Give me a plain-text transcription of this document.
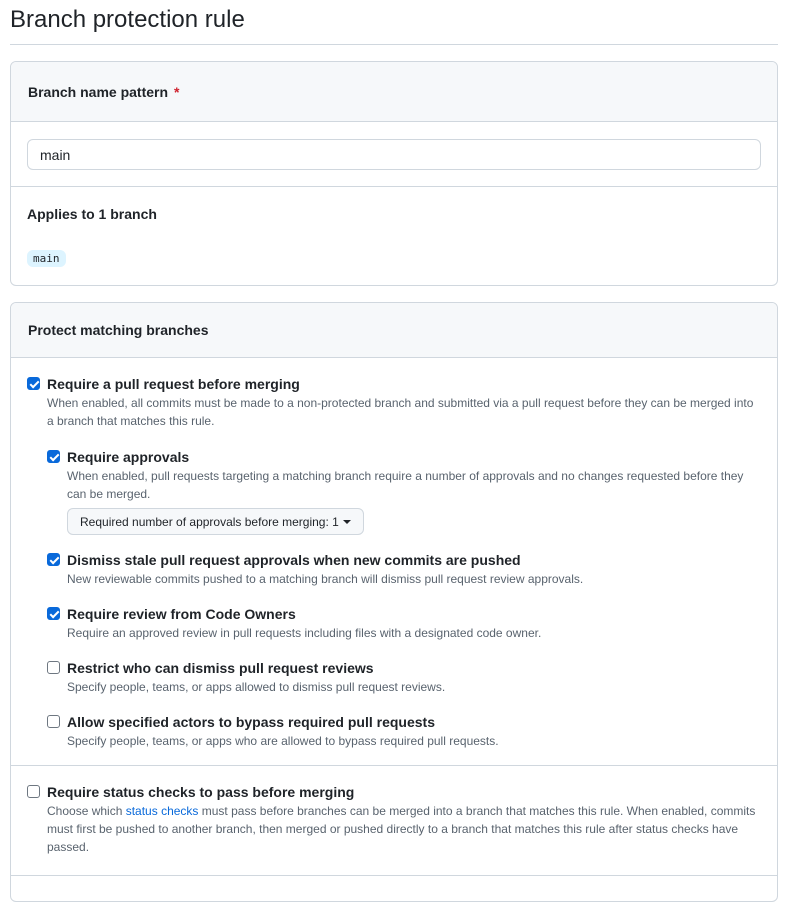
Branch protection rule
Branch name pattern *
main
Applies to 1 branch
main
Protect matching branches
Require a pull request before merging
When enabled, all commits must be made to a non-protected branch and submitted via a pull request before they can be merged into a branch that matches this rule.
Require approvals
When enabled, pull requests targeting a matching branch require a number of approvals and no changes requested before they can be merged.
Required number of approvals before merging: 1
Dismiss stale pull request approvals when new commits are pushed
New reviewable commits pushed to a matching branch will dismiss pull request review approvals.
Require review from Code Owners
Require an approved review in pull requests including files with a designated code owner.
Restrict who can dismiss pull request reviews
Specify people, teams, or apps allowed to dismiss pull request reviews.
Allow specified actors to bypass required pull requests
Specify people, teams, or apps who are allowed to bypass required pull requests.
Require status checks to pass before merging
Choose which status checks must pass before branches can be merged into a branch that matches this rule. When enabled, commits must first be pushed to another branch, then merged or pushed directly to a branch that matches this rule after status checks have passed.
